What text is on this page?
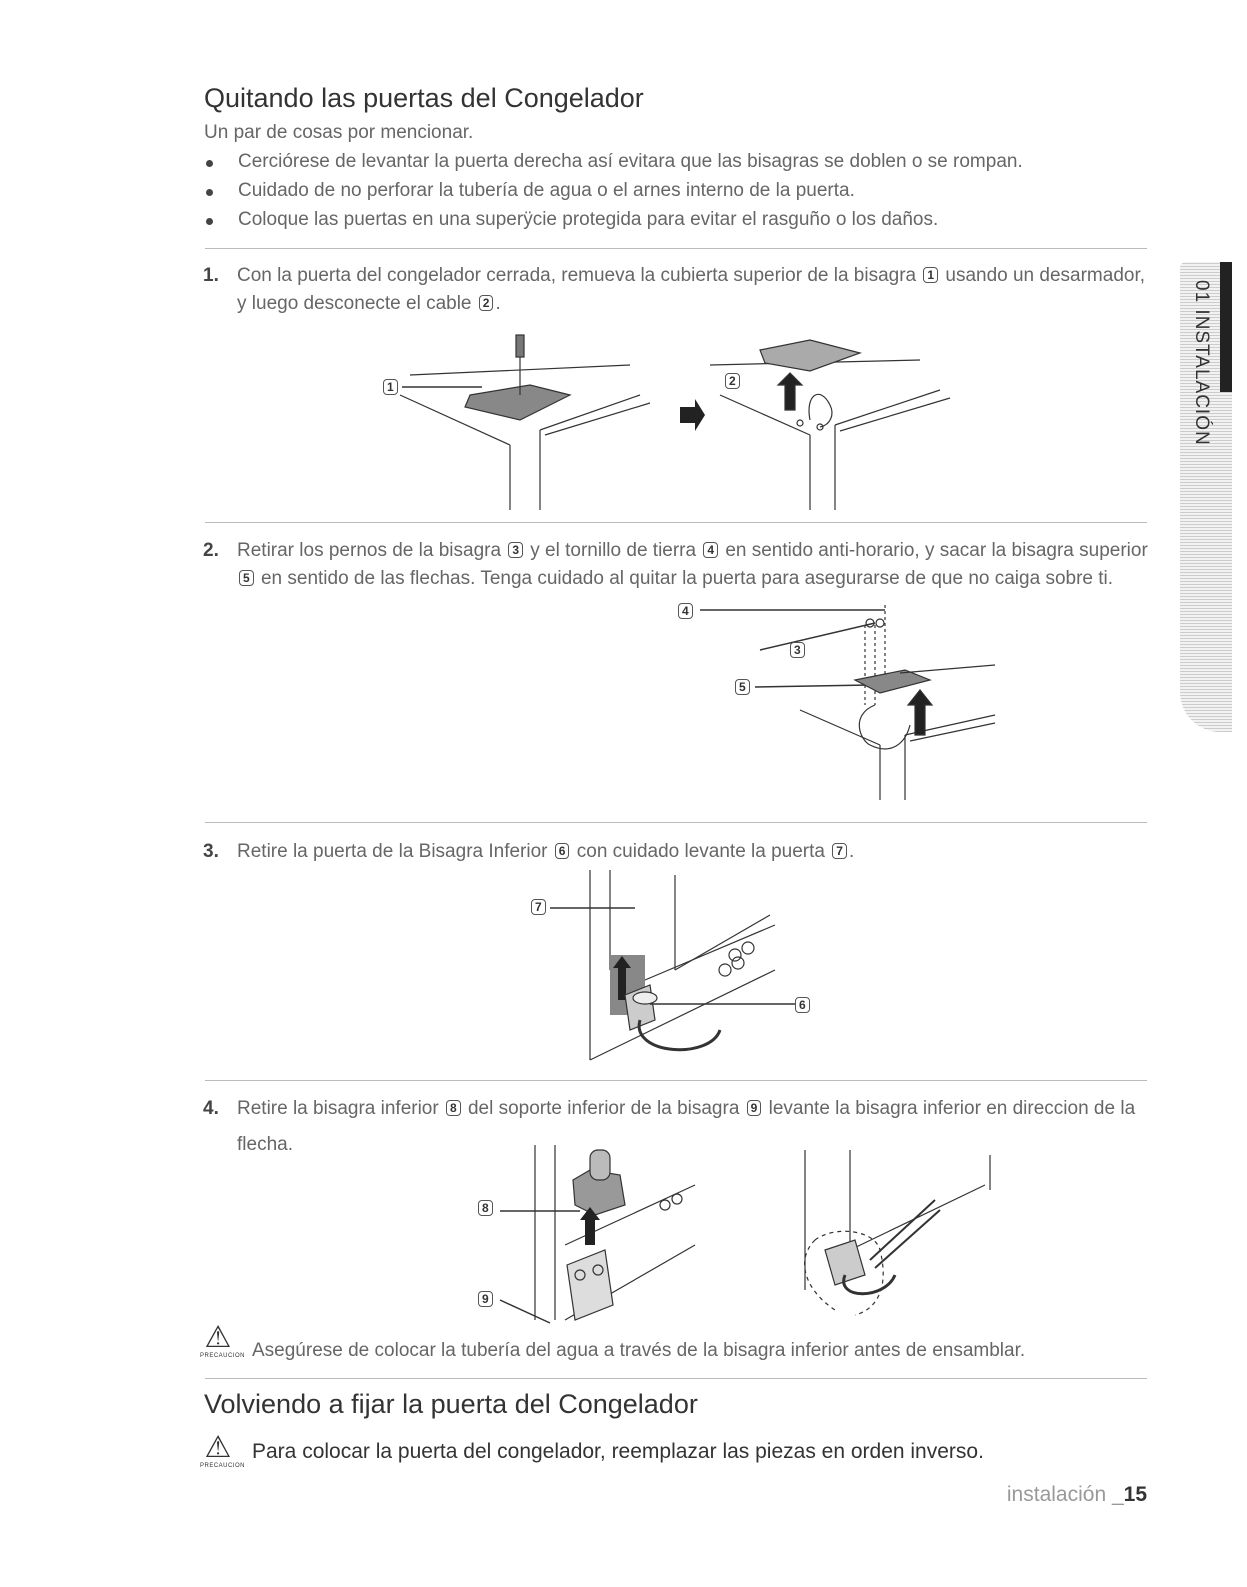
Quitando las puertas del Congelador

Un par de cosas por mencionar.

Cerciórese de levantar la puerta derecha así evitara que las bisagras se doblen o se rompan.
Cuidado de no perforar la tubería de agua o el arnes interno de la puerta.
Coloque las puertas en una superÿcie protegida para evitar el rasguño o los daños.
1. Con la puerta del congelador cerrada, remueva la cubierta superior de la bisagra 1 usando un desarmador, y luego desconecte el cable 2 .
1	2
2. Retirar los pernos de la bisagra 3 y el tornillo de tierra 4 en sentido anti-horario, y sacar la bisagra superior 5 en sentido de las flechas. Tenga cuidado al quitar la puerta para asegurarse de que no caiga sobre ti.
4
3
5
3. Retire la puerta de la Bisagra Inferior 6 con cuidado levante la puerta 7 .
7
6
4. Retire la bisagra inferior 8 del soporte inferior de la bisagra 9 levante la bisagra inferior en direccion de la flecha.
8
9
⚠
PRECAUCION Asegúrese de colocar la tubería del agua a través de la bisagra inferior antes de ensamblar.

Volviendo a fijar la puerta del Congelador
⚠
PRECAUCION

Para colocar la puerta del congelador, reemplazar las piezas en orden inverso.

01 INSTALACIÓN
instalación _15
